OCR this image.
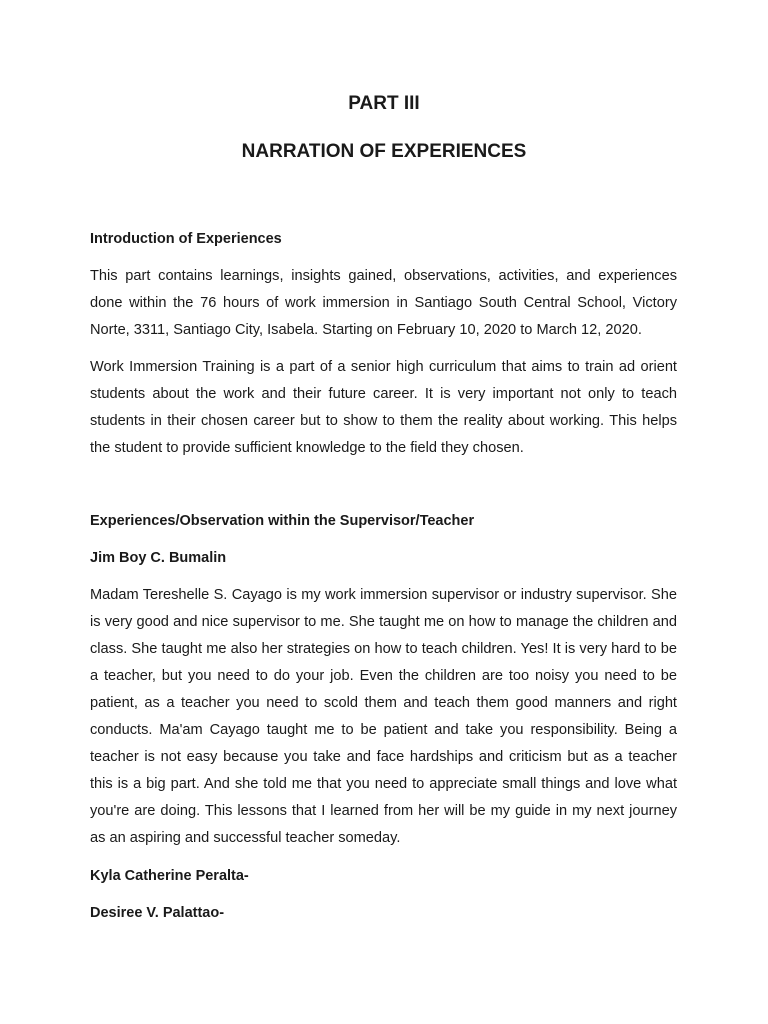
PART III
NARRATION OF EXPERIENCES
Introduction of Experiences

This part contains learnings, insights gained, observations, activities, and experiences done within the 76 hours of work immersion in Santiago South Central School, Victory Norte, 3311, Santiago City, Isabela. Starting on February 10, 2020 to March 12, 2020.

Work Immersion Training is a part of a senior high curriculum that aims to train ad orient students about the work and their future career. It is very important not only to teach students in their chosen career but to show to them the reality about working. This helps the student to provide sufficient knowledge to the field they chosen.

Experiences/Observation within the Supervisor/Teacher
Jim Boy C. Bumalin

Madam Tereshelle S. Cayago is my work immersion supervisor or industry supervisor. She is very good and nice supervisor to me. She taught me on how to manage the children and class. She taught me also her strategies on how to teach children. Yes! It is very hard to be a teacher, but you need to do your job. Even the children are too noisy you need to be patient, as a teacher you need to scold them and teach them good manners and right conducts. Ma'am Cayago taught me to be patient and take you responsibility. Being a teacher is not easy because you take and face hardships and criticism but as a teacher this is a big part. And she told me that you need to appreciate small things and love what you're are doing. This lessons that I learned from her will be my guide in my next journey as an aspiring and successful teacher someday.

Kyla Catherine Peralta-
Desiree V. Palattao-
